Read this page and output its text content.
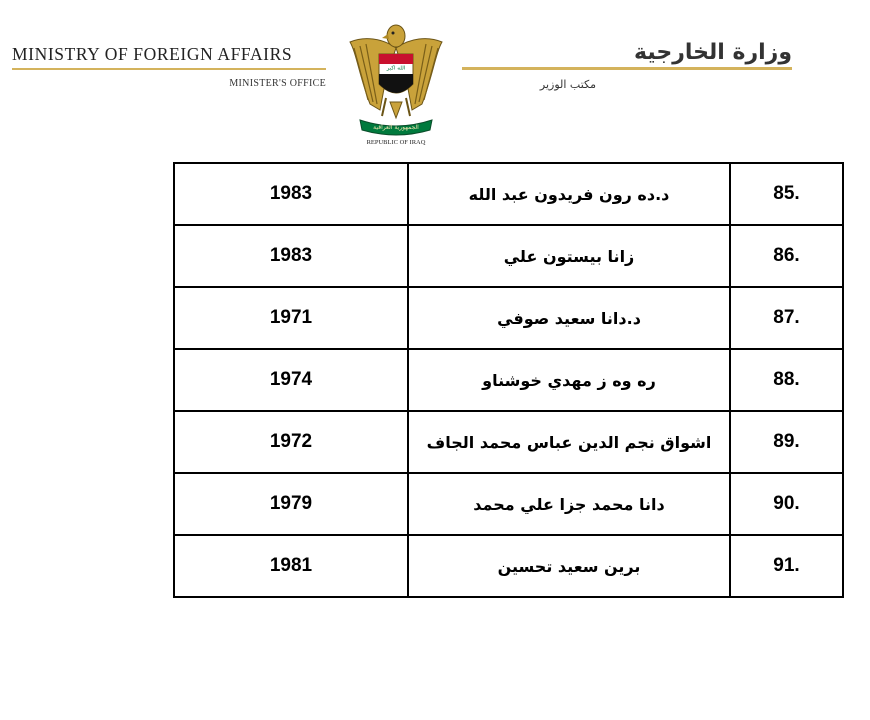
MINISTRY OF FOREIGN AFFAIRS
MINISTER'S OFFICE
الله اكبر
الجمهورية العراقية
REPUBLIC OF IRAQ
وزارة الخارجية
مكتب الوزير
1983	د.ده رون فريدون عبد الله	85.
1983	زانا بيستون علي	86.
1971	د.دانا سعيد صوفي	87.
1974	ره وه ز مهدي خوشناو	88.
1972	اشواق نجم الدين عباس محمد الجاف	89.
1979	دانا محمد جزا علي محمد	90.
1981	برين سعيد تحسين	91.
